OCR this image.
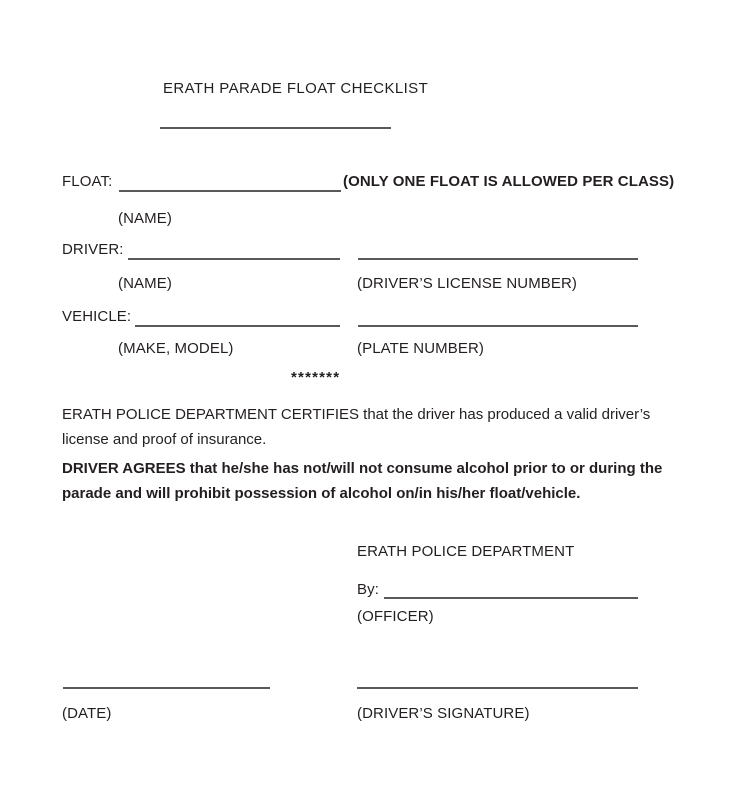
ERATH PARADE FLOAT CHECKLIST
FLOAT:	(ONLY ONE FLOAT IS ALLOWED PER CLASS)
(NAME)
DRIVER:
(NAME)	(DRIVER’S LICENSE NUMBER)
VEHICLE:
(MAKE, MODEL)	(PLATE NUMBER)
*******
ERATH POLICE DEPARTMENT CERTIFIES that the driver has produced a valid driver’s license and proof of insurance.
DRIVER AGREES that he/she has not/will not consume alcohol prior to or during the parade and will prohibit possession of alcohol on/in his/her float/vehicle.
ERATH POLICE DEPARTMENT
By:
(OFFICER)
(DATE)	(DRIVER’S SIGNATURE)
